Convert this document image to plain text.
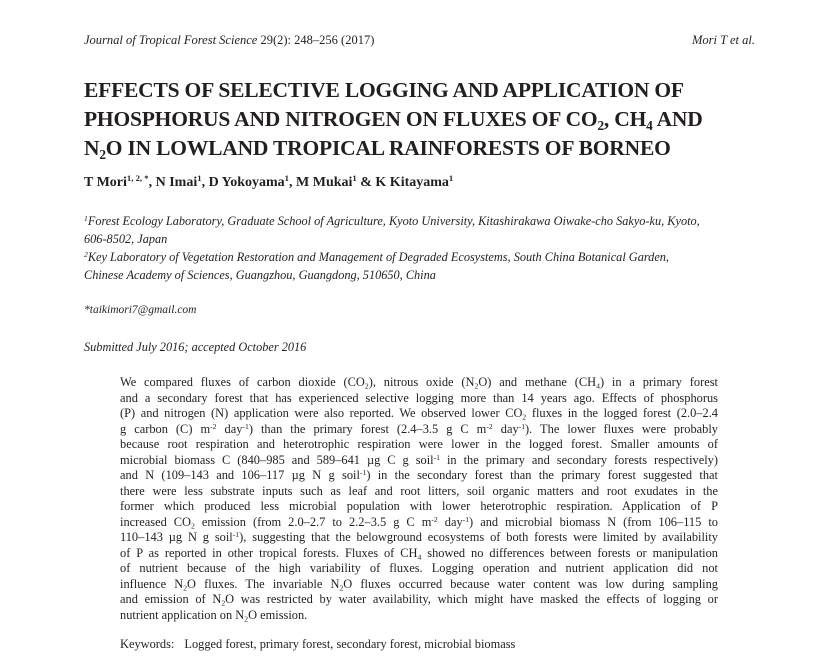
Journal of Tropical Forest Science 29(2): 248–256 (2017)	Mori T et al.
EFFECTS OF SELECTIVE LOGGING AND APPLICATION OF
PHOSPHORUS AND NITROGEN ON FLUXES OF $CO_2$, $CH_4$ AND
$N_2O$ IN LOWLAND TROPICAL RAINFORESTS OF BORNEO
T Mori$^{1, 2, *}$, N Imai$^1$, D Yokoyama$^1$, M Mukai$^1$ & K Kitayama$^1$
$^1$Forest Ecology Laboratory, Graduate School of Agriculture, Kyoto University, Kitashirakawa Oiwake-cho Sakyo-ku, Kyoto,
606-8502, Japan
$^2$Key Laboratory of Vegetation Restoration and Management of Degraded Ecosystems, South China Botanical Garden,
Chinese Academy of Sciences, Guangzhou, Guangdong, 510650, China
*taikimori7@gmail.com
Submitted July 2016; accepted October 2016
We compared fluxes of carbon dioxide $(CO_2)$, nitrous oxide $(N_2O)$ and methane $(CH_4)$ in a primary forest
and a secondary forest that has experienced selective logging more than 14 years ago. Effects of phosphorus
(P) and nitrogen (N) application were also reported. We observed lower $CO_2$ fluxes in the logged forest (2.0–2.4
g carbon (C) $m^{-2}$ day$^{-1}$) than the primary forest (2.4–3.5 g C $m^{-2}$ day$^{-1}$). The lower fluxes were probably
because root respiration and heterotrophic respiration were lower in the logged forest. Smaller amounts of
microbial biomass C (840–985 and 589–641 µg C g soil$^{-1}$ in the primary and secondary forests respectively)
and N (109–143 and 106–117 µg N g soil$^{-1}$) in the secondary forest than the primary forest suggested that
there were less substrate inputs such as leaf and root litters, soil organic matters and root exudates in the
former which produced less microbial population with lower heterotrophic respiration. Application of P
increased $CO_2$ emission (from 2.0–2.7 to 2.2–3.5 g C $m^{-2}$ day$^{-1}$) and microbial biomass N (from 106–115 to
110–143 µg N g soil$^{-1}$), suggesting that the belowground ecosystems of both forests were limited by availability
of P as reported in other tropical forests. Fluxes of $CH_4$ showed no differences between forests or manipulation
of nutrient because of the high variability of fluxes. Logging operation and nutrient application did not
influence $N_2O$ fluxes. The invariable $N_2O$ fluxes occurred because water content was low during sampling
and emission of $N_2O$ was restricted by water availability, which might have masked the effects of logging or
nutrient application on $N_2O$ emission.
Keywords: Logged forest, primary forest, secondary forest, microbial biomass
